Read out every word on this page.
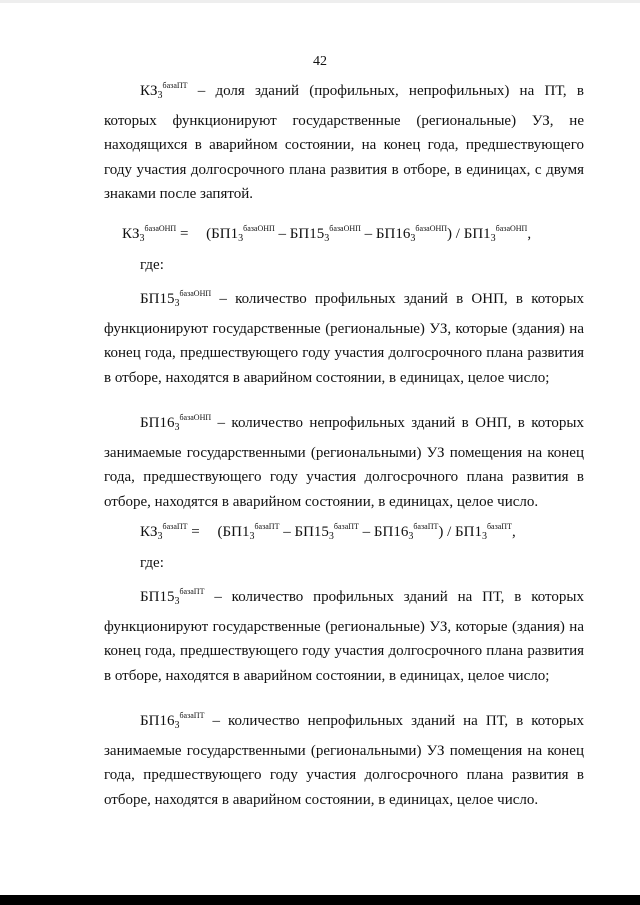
42

$КЗ_3^{базаПТ}$ – доля зданий (профильных, непрофильных) на ПТ, в которых функционируют государственные (региональные) УЗ, не находящихся в аварийном состоянии, на конец года, предшествующего году участия долгосрочного плана развития в отборе, в единицах, с двумя знаками после запятой.

$КЗ_3^{базаОНП} = (БП1_3^{базаОНП} - БП15_3^{базаОНП} - БП16_3^{базаОНП}) / БП1_3^{базаОНП}$,
где:

$БП15_3^{базаОНП}$ – количество профильных зданий в ОНП, в которых функционируют государственные (региональные) УЗ, которые (здания) на конец года, предшествующего году участия долгосрочного плана развития в отборе, находятся в аварийном состоянии, в единицах, целое число;

$БП16_3^{базаОНП}$ – количество непрофильных зданий в ОНП, в которых занимаемые государственными (региональными) УЗ помещения на конец года, предшествующего году участия долгосрочного плана развития в отборе, находятся в аварийном состоянии, в единицах, целое число.

$КЗ_3^{базаПТ} = (БП1_3^{базаПТ} - БП15_3^{базаПТ} - БП16_3^{базаПТ}) / БП1_3^{базаПТ}$,
где:

$БП15_3^{базаПТ}$ – количество профильных зданий на ПТ, в которых функционируют государственные (региональные) УЗ, которые (здания) на конец года, предшествующего году участия долгосрочного плана развития в отборе, находятся в аварийном состоянии, в единицах, целое число;

$БП16_3^{базаПТ}$ – количество непрофильных зданий на ПТ, в которых занимаемые государственными (региональными) УЗ помещения на конец года, предшествующего году участия долгосрочного плана развития в отборе, находятся в аварийном состоянии, в единицах, целое число.
